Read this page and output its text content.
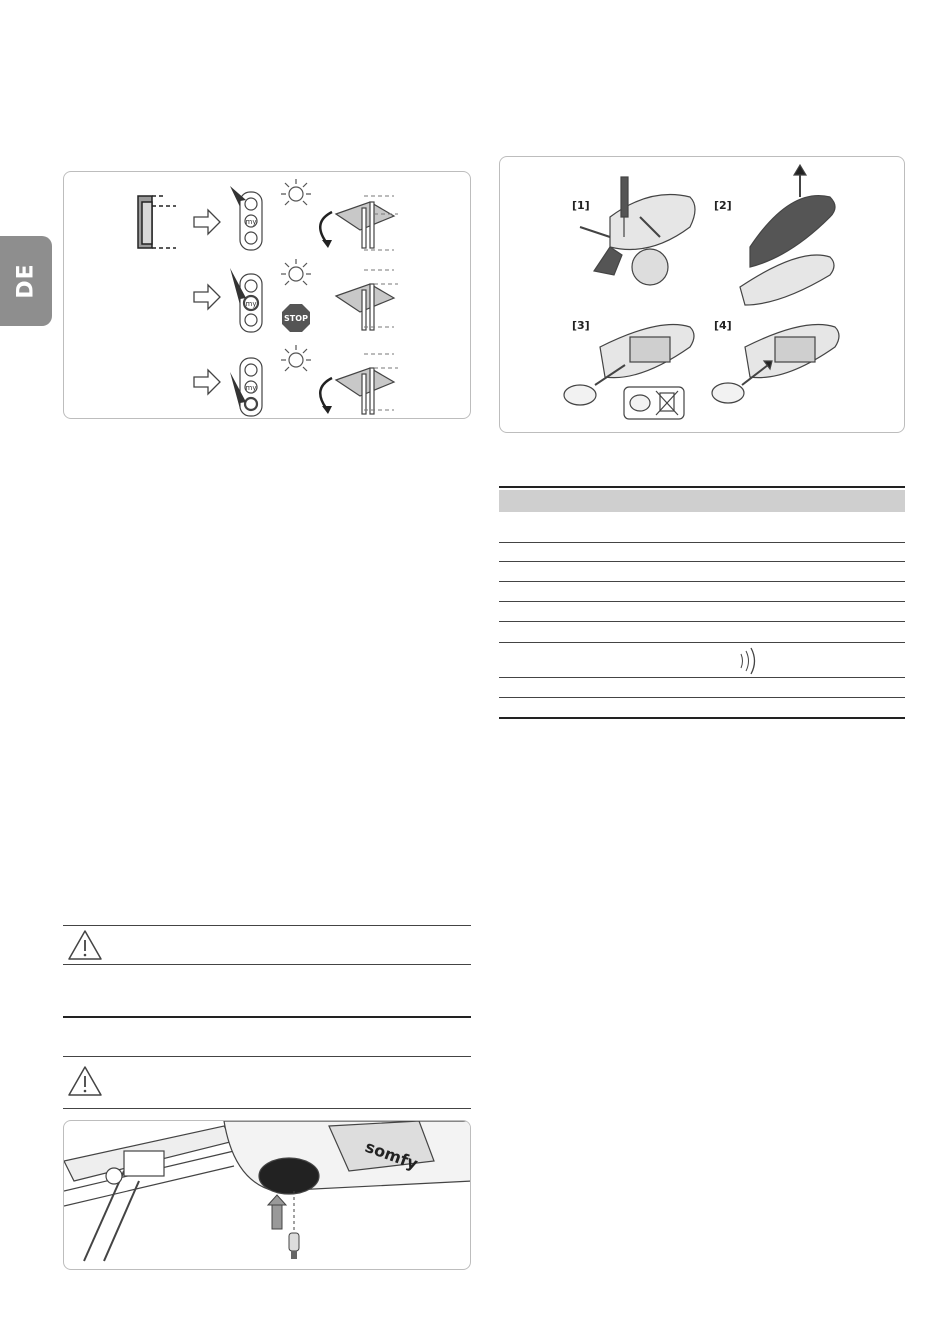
DE
my
my
my
STOP
[1]	[2]
[3]	[4]
somfy
